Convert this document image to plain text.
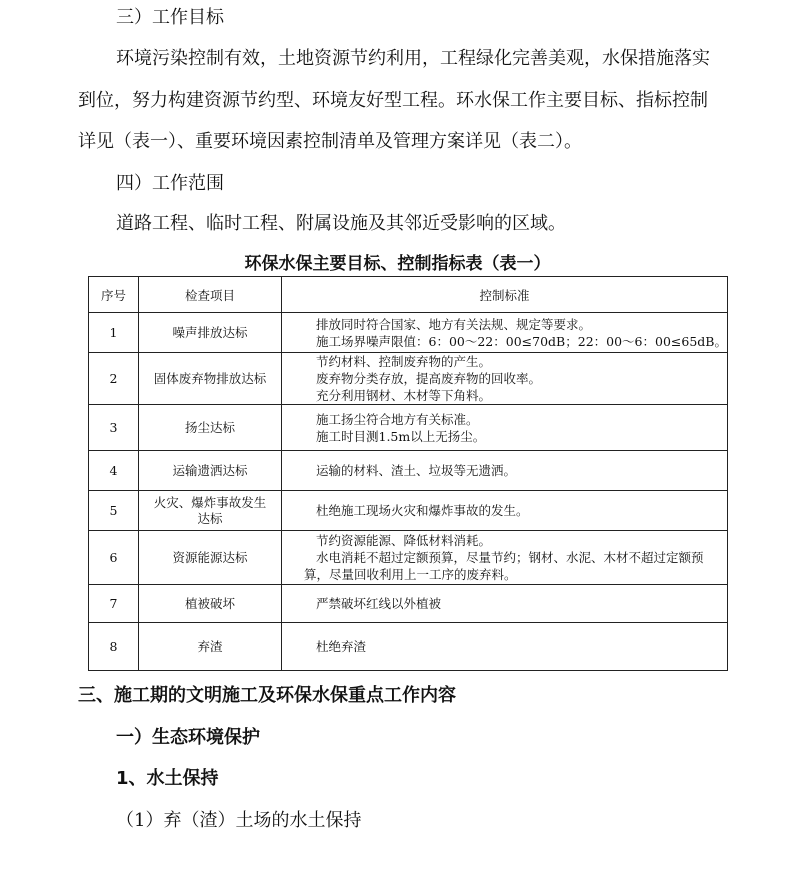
三）工作目标
环境污染控制有效，土地资源节约利用，工程绿化完善美观，水保措施落实
到位，努力构建资源节约型、环境友好型工程。环水保工作主要目标、指标控制
详见（表一）、重要环境因素控制清单及管理方案详见（表二）。
四）工作范围
道路工程、临时工程、附属设施及其邻近受影响的区域。
环保水保主要目标、控制指标表（表一）
序号	检查项目	控制标准
1	噪声排放达标	排放同时符合国家、地方有关法规、规定等要求。
施工场界噪声限值：6：00～22：00≤70dB；22：00～6：00≤65dB。

2	固体废弃物排放达标	节约材料、控制废弃物的产生。
废弃物分类存放，提高废弃物的回收率。
充分利用钢材、木材等下角料。

3	扬尘达标	施工扬尘符合地方有关标准。
施工时目测1.5m以上无扬尘。

4	运输遗洒达标	运输的材料、渣土、垃圾等无遗洒。

5	火灾、爆炸事故发生达标	杜绝施工现场火灾和爆炸事故的发生。

6	资源能源达标	节约资源能源、降低材料消耗。
水电消耗不超过定额预算，尽量节约；钢材、水泥、木材不超过定额预算，尽量回收利用上一工序的废弃料。

7	植被破坏	严禁破坏红线以外植被

8	弃渣	杜绝弃渣
三、施工期的文明施工及环保水保重点工作内容
一）生态环境保护
1、水土保持
（1）弃（渣）土场的水土保持
